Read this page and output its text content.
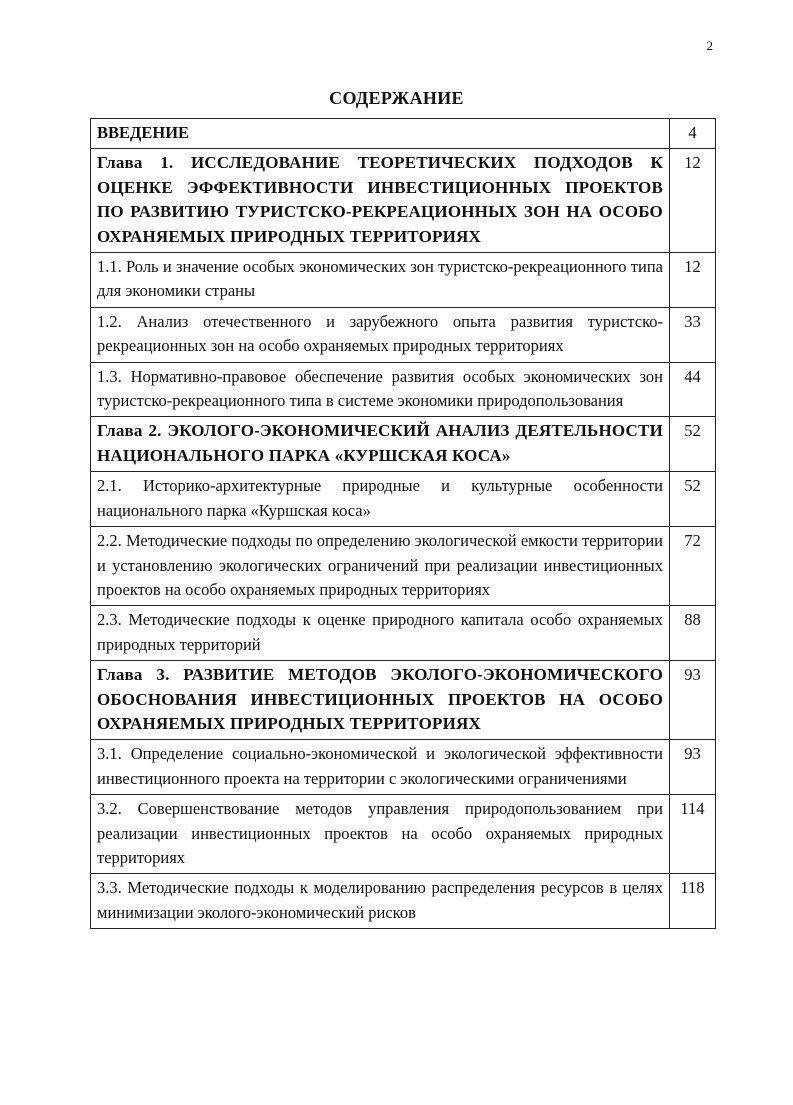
2
СОДЕРЖАНИЕ
ВВЕДЕНИЕ	4
Глава 1. ИССЛЕДОВАНИЕ ТЕОРЕТИЧЕСКИХ ПОДХОДОВ К ОЦЕНКЕ ЭФФЕКТИВНОСТИ ИНВЕСТИЦИОННЫХ ПРОЕКТОВ ПО РАЗВИТИЮ ТУРИСТСКО-РЕКРЕАЦИОННЫХ ЗОН НА ОСОБО ОХРАНЯЕМЫХ ПРИРОДНЫХ ТЕРРИТОРИЯХ	12
1.1. Роль и значение особых экономических зон туристско-рекреационного типа для экономики страны	12
1.2. Анализ отечественного и зарубежного опыта развития туристско-рекреационных зон на особо охраняемых природных территориях	33
1.3. Нормативно-правовое обеспечение развития особых экономических зон туристско-рекреационного типа в системе экономики природопользования	44
Глава 2. ЭКОЛОГО-ЭКОНОМИЧЕСКИЙ АНАЛИЗ ДЕЯТЕЛЬНОСТИ НАЦИОНАЛЬНОГО ПАРКА «КУРШСКАЯ КОСА»	52
2.1. Историко-архитектурные природные и культурные особенности национального парка «Куршская коса»	52
2.2. Методические подходы по определению экологической емкости территории и установлению экологических ограничений при реализации инвестиционных проектов на особо охраняемых природных территориях	72
2.3. Методические подходы к оценке природного капитала особо охраняемых природных территорий	88
Глава 3. РАЗВИТИЕ МЕТОДОВ ЭКОЛОГО-ЭКОНОМИЧЕСКОГО ОБОСНОВАНИЯ ИНВЕСТИЦИОННЫХ ПРОЕКТОВ НА ОСОБО ОХРАНЯЕМЫХ ПРИРОДНЫХ ТЕРРИТОРИЯХ	93
3.1. Определение социально-экономической и экологической эффективности инвестиционного проекта на территории с экологическими ограничениями	93
3.2. Совершенствование методов управления природопользованием при реализации инвестиционных проектов на особо охраняемых природных территориях	114
3.3. Методические подходы к моделированию распределения ресурсов в целях минимизации эколого-экономический рисков	118
